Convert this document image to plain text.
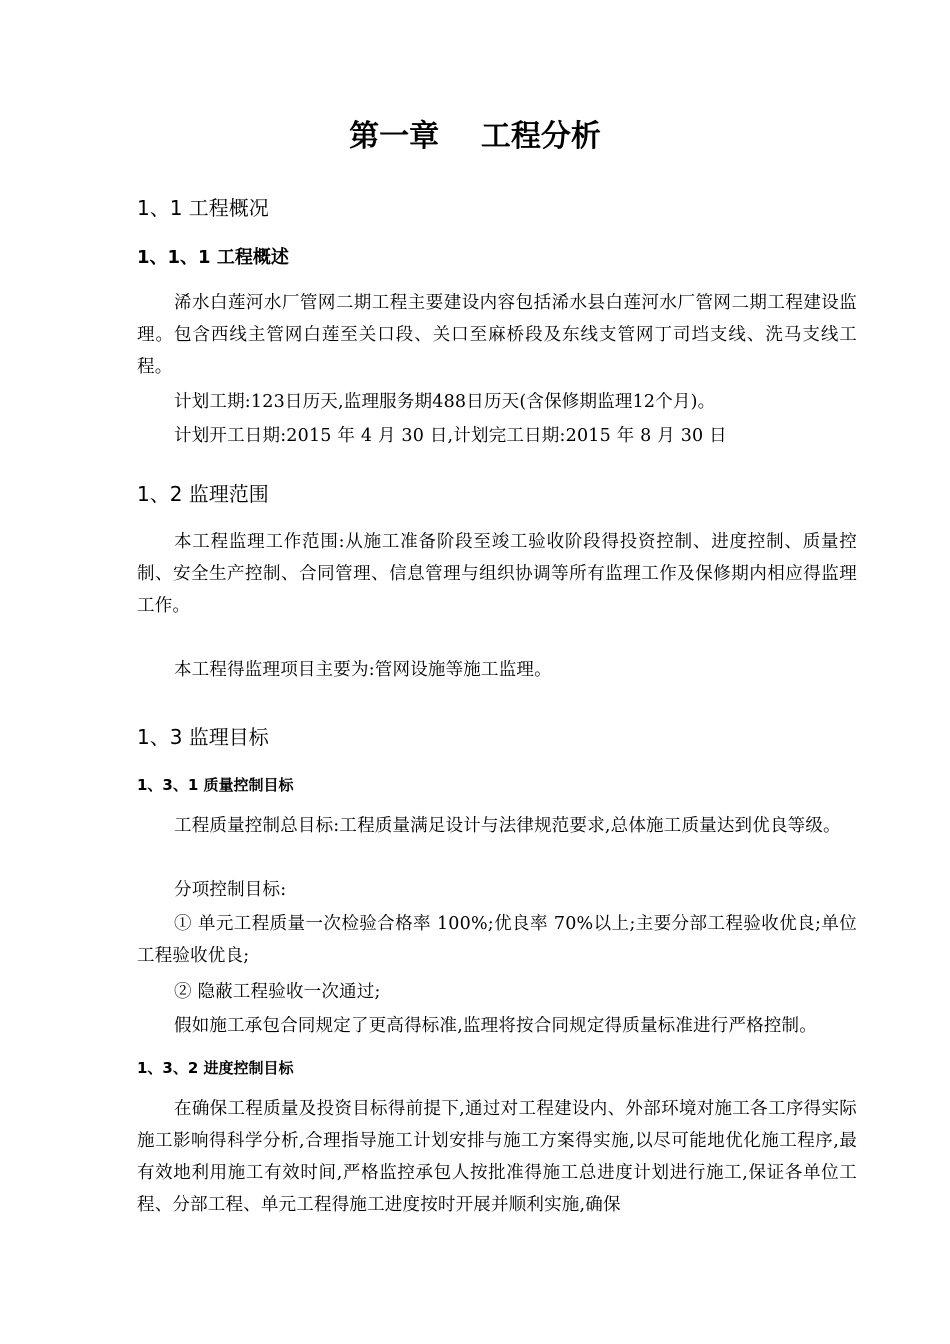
第一章    工程分析
1、1 工程概况
1、1、1 工程概述
浠水白莲河水厂管网二期工程主要建设内容包括浠水县白莲河水厂管网二期工程建设监理。包含西线主管网白莲至关口段、关口至麻桥段及东线支管网丁司垱支线、洗马支线工程。
计划工期:123日历天,监理服务期488日历天(含保修期监理12个月)。
计划开工日期:2015 年 4 月 30 日,计划完工日期:2015 年 8 月 30 日
1、2 监理范围
本工程监理工作范围:从施工准备阶段至竣工验收阶段得投资控制、进度控制、质量控制、安全生产控制、合同管理、信息管理与组织协调等所有监理工作及保修期内相应得监理工作。
本工程得监理项目主要为:管网设施等施工监理。
1、3 监理目标
1、3、1 质量控制目标
工程质量控制总目标:工程质量满足设计与法律规范要求,总体施工质量达到优良等级。
分项控制目标:
① 单元工程质量一次检验合格率 100%;优良率 70%以上;主要分部工程验收优良;单位工程验收优良;
② 隐蔽工程验收一次通过;
假如施工承包合同规定了更高得标准,监理将按合同规定得质量标准进行严格控制。
1、3、2 进度控制目标
在确保工程质量及投资目标得前提下,通过对工程建设内、外部环境对施工各工序得实际施工影响得科学分析,合理指导施工计划安排与施工方案得实施,以尽可能地优化施工程序,最有效地利用施工有效时间,严格监控承包人按批准得施工总进度计划进行施工,保证各单位工程、分部工程、单元工程得施工进度按时开展并顺利实施,确保
